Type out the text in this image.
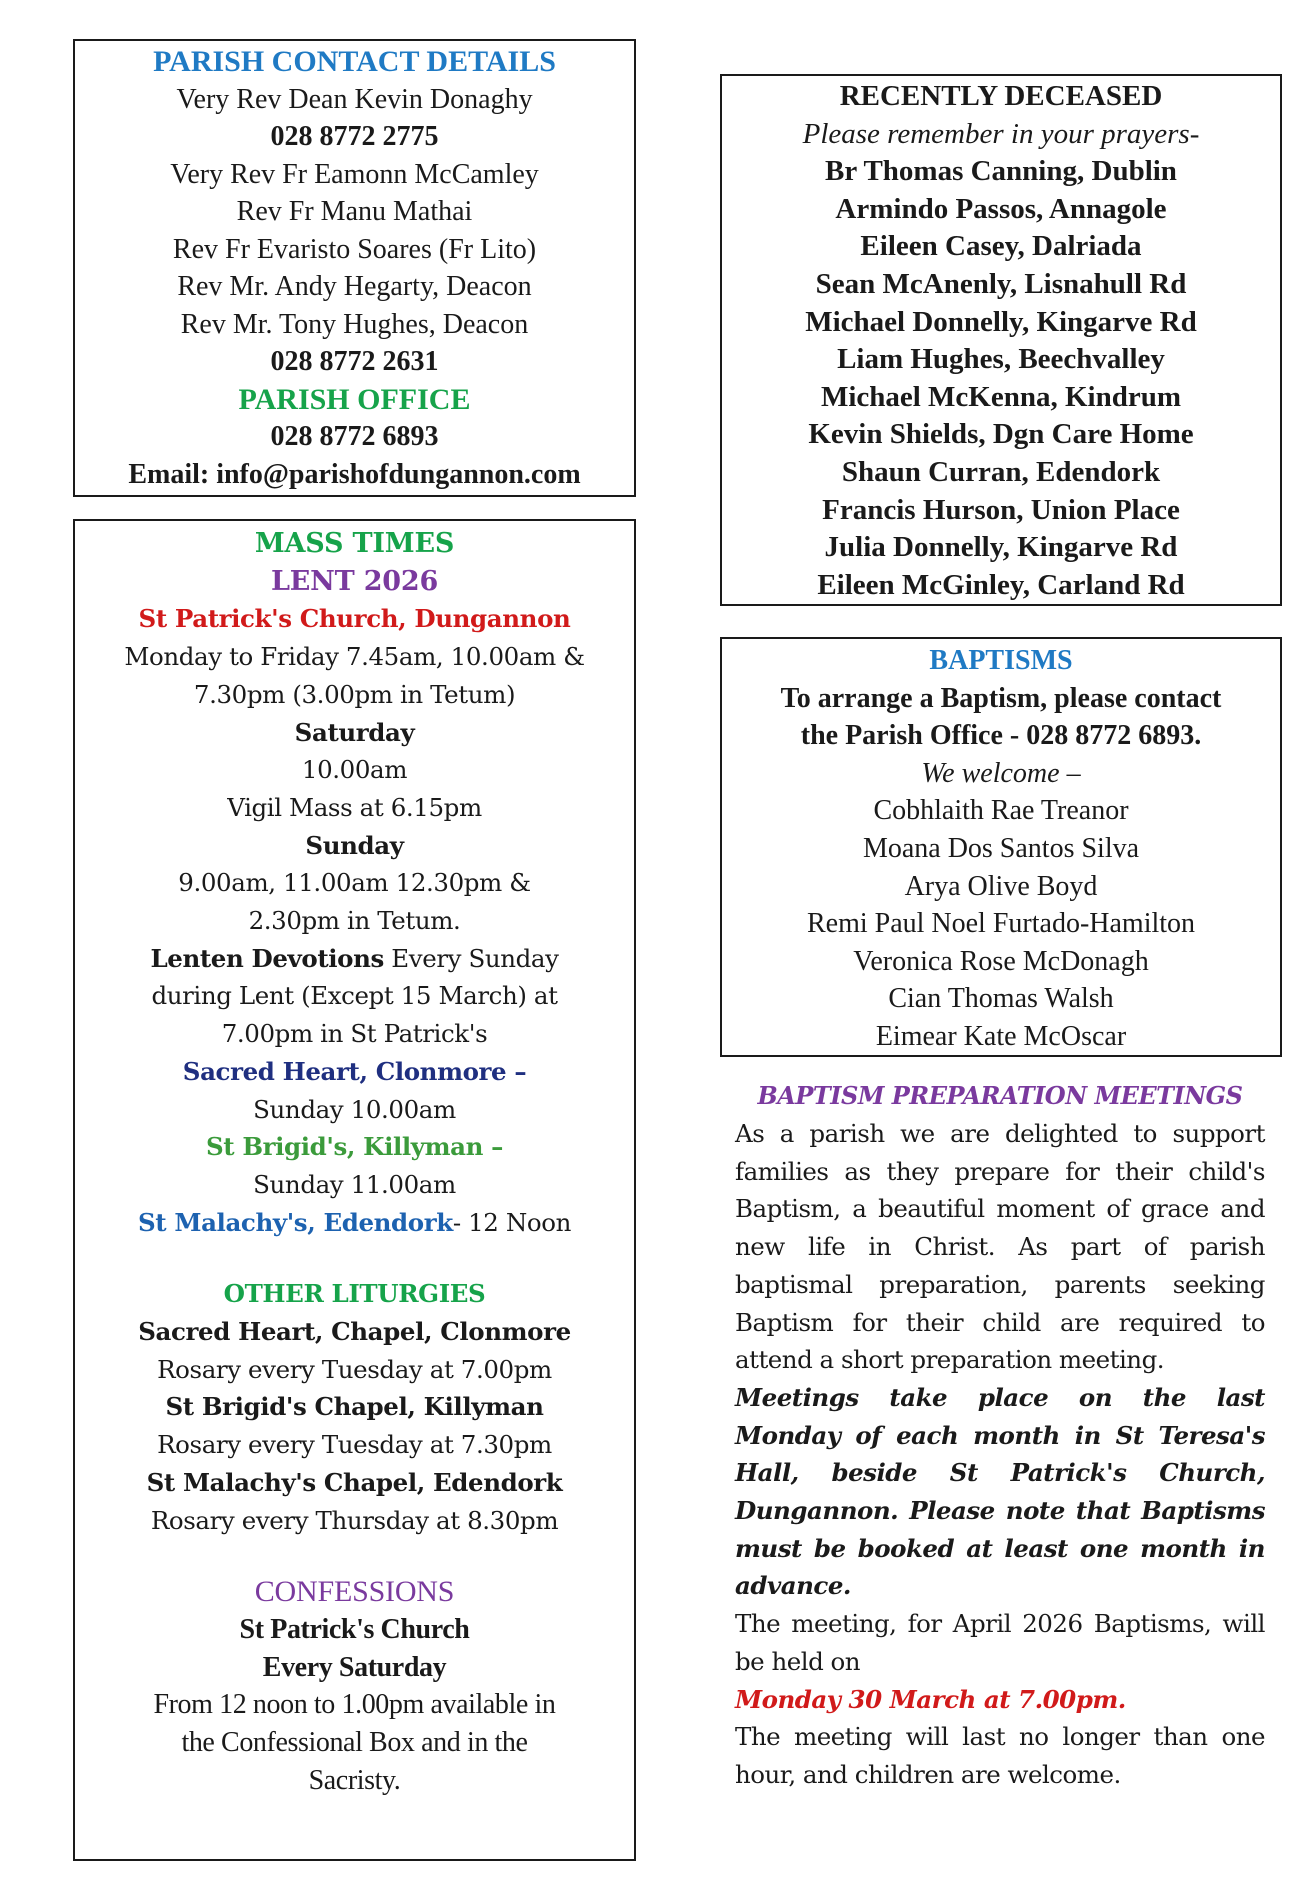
PARISH CONTACT DETAILS
Very Rev Dean Kevin Donaghy
028 8772 2775
Very Rev Fr Eamonn McCamley
Rev Fr Manu Mathai
Rev Fr Evaristo Soares (Fr Lito)
Rev Mr. Andy Hegarty, Deacon
Rev Mr. Tony Hughes, Deacon
028 8772 2631
PARISH OFFICE
028 8772 6893
Email: info@parishofdungannon.com
MASS TIMES
LENT 2026
St Patrick's Church, Dungannon
Monday to Friday 7.45am, 10.00am &
7.30pm (3.00pm in Tetum)
Saturday
10.00am
Vigil Mass at 6.15pm
Sunday
9.00am, 11.00am 12.30pm &
2.30pm in Tetum.
Lenten Devotions Every Sunday
during Lent (Except 15 March) at
7.00pm in St Patrick's
Sacred Heart, Clonmore –
Sunday 10.00am
St Brigid's, Killyman –
Sunday 11.00am
St Malachy's, Edendork- 12 Noon
OTHER LITURGIES
Sacred Heart, Chapel, Clonmore
Rosary every Tuesday at 7.00pm
St Brigid's Chapel, Killyman
Rosary every Tuesday at 7.30pm
St Malachy's Chapel, Edendork
Rosary every Thursday at 8.30pm
CONFESSIONS
St Patrick's Church
Every Saturday
From 12 noon to 1.00pm available in
the Confessional Box and in the
Sacristy.
RECENTLY DECEASED
Please remember in your prayers-
Br Thomas Canning, Dublin
Armindo Passos, Annagole
Eileen Casey, Dalriada
Sean McAnenly, Lisnahull Rd
Michael Donnelly, Kingarve Rd
Liam Hughes, Beechvalley
Michael McKenna, Kindrum
Kevin Shields, Dgn Care Home
Shaun Curran, Edendork
Francis Hurson, Union Place
Julia Donnelly, Kingarve Rd
Eileen McGinley, Carland Rd
BAPTISMS
To arrange a Baptism, please contact
the Parish Office - 028 8772 6893.
We welcome –
Cobhlaith Rae Treanor
Moana Dos Santos Silva
Arya Olive Boyd
Remi Paul Noel Furtado-Hamilton
Veronica Rose McDonagh
Cian Thomas Walsh
Eimear Kate McOscar
BAPTISM PREPARATION MEETINGS

As a parish we are delighted to support families as they prepare for their child's Baptism, a beautiful moment of grace and new life in Christ. As part of parish baptismal preparation, parents seeking Baptism for their child are required to attend a short preparation meeting.

Meetings take place on the last Monday of each month in St Teresa's Hall, beside St Patrick's Church, Dungannon. Please note that Baptisms must be booked at least one month in advance.

The meeting, for April 2026 Baptisms, will be held on

Monday 30 March at 7.00pm.

The meeting will last no longer than one hour, and children are welcome.
